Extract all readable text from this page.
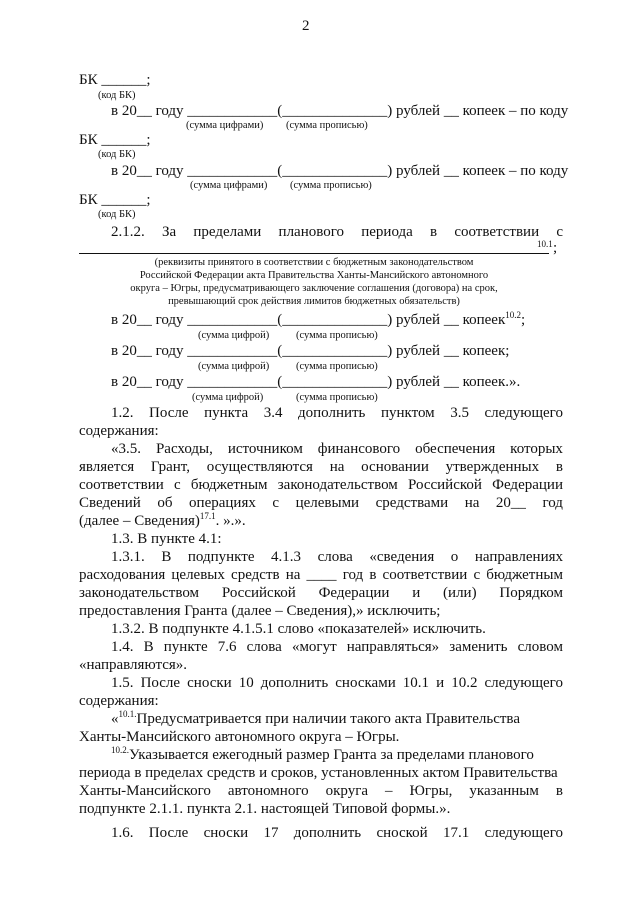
2
БК ______;
(код БК)
в 20__ году ____________(______________) рублей __ копеек – по коду
(сумма цифрами) (сумма прописью)
БК ______;
(код БК)
в 20__ году ____________(______________) рублей __ копеек – по коду
(сумма цифрами) (сумма прописью)
БК ______;
(код БК)
2.1.2. За пределами планового периода в соответствии с
10.1 ;
(реквизиты принятого в соответствии с бюджетным законодательством
Российской Федерации акта Правительства Ханты-Мансийского автономного
округа – Югры, предусматривающего заключение соглашения (договора) на срок,
превышающий срок действия лимитов бюджетных обязательств)
в 20__ году ____________(______________) рублей __ копеек$^{10.2}$;
(сумма цифрой)	(сумма прописью)
в 20__ году ____________(______________) рублей __ копеек;
(сумма цифрой)	(сумма прописью)
в 20__ году ____________(______________) рублей __ копеек.».
(сумма цифрой)	(сумма прописью)
1.2. После пункта 3.4 дополнить пунктом 3.5 следующего
содержания:
«3.5. Расходы, источником финансового обеспечения которых
является Грант, осуществляются на основании утвержденных в
соответствии с бюджетным законодательством Российской Федерации
Сведений об операциях с целевыми средствами на 20__ год
(далее – Сведения)$^{17.1}$. ».».
1.3. В пункте 4.1:
1.3.1. В подпункте 4.1.3 слова «сведения о направлениях
расходования целевых средств на ____ год в соответствии с бюджетным
законодательством Российской Федерации и (или) Порядком
предоставления Гранта (далее – Сведения),» исключить;
1.3.2. В подпункте 4.1.5.1 слово «показателей» исключить.
1.4. В пункте 7.6 слова «могут направляться» заменить словом
«направляются».
1.5. После сноски 10 дополнить сносками 10.1 и 10.2 следующего
содержания:
«$^{10.1.}$Предусматривается при наличии такого акта Правительства
Ханты-Мансийского автономного округа – Югры.
$^{10.2.}$Указывается ежегодный размер Гранта за пределами планового
периода в пределах средств и сроков, установленных актом Правительства
Ханты-Мансийского автономного округа – Югры, указанным в
подпункте 2.1.1. пункта 2.1. настоящей Типовой формы.».
1.6. После сноски 17 дополнить сноской 17.1 следующего
